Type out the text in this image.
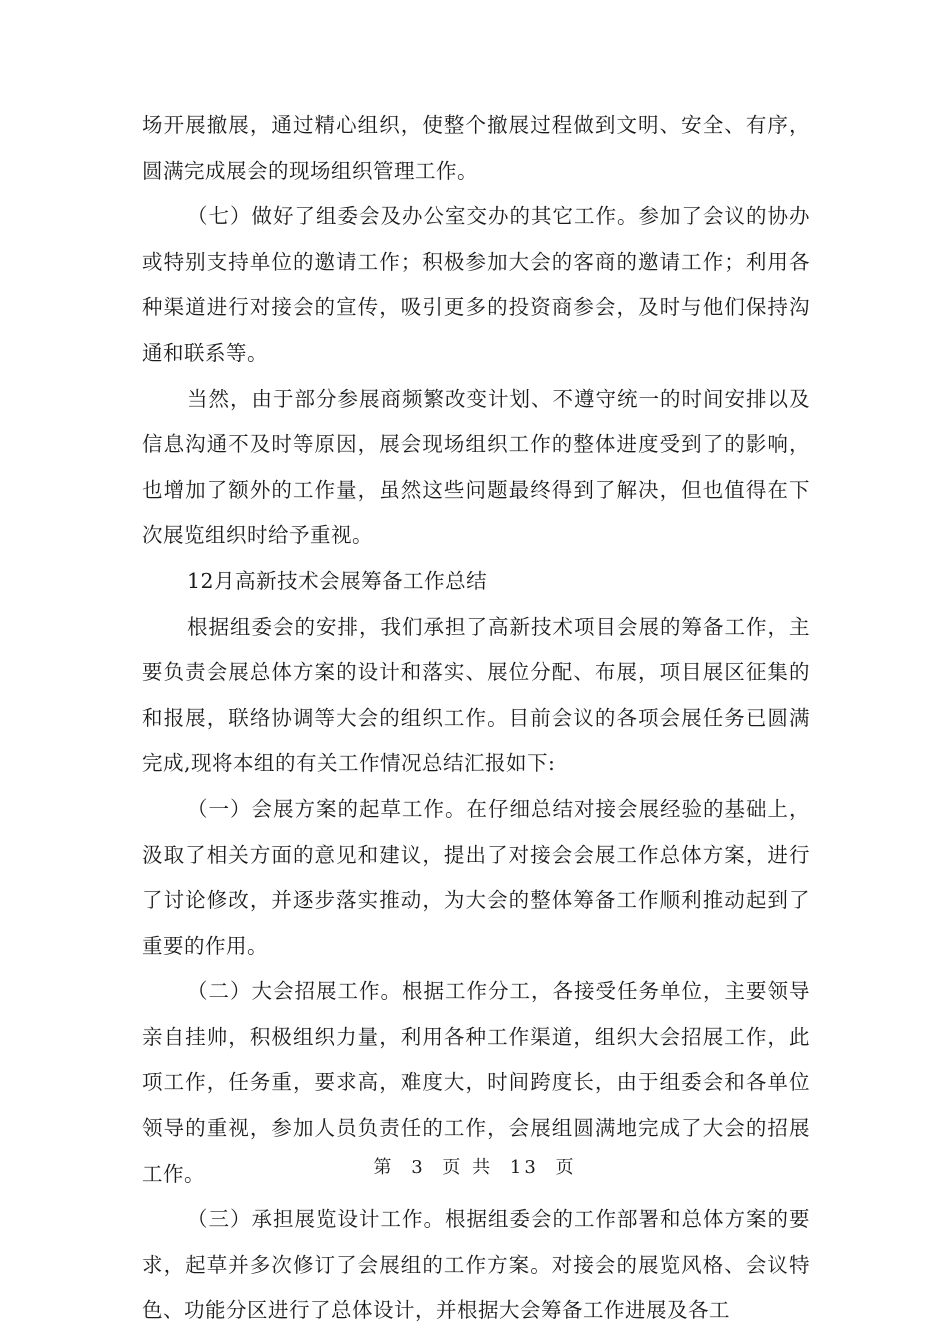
场开展撤展，通过精心组织，使整个撤展过程做到文明、安全、有序，圆满完成展会的现场组织管理工作。

（七）做好了组委会及办公室交办的其它工作。参加了会议的协办或特别支持单位的邀请工作；积极参加大会的客商的邀请工作；利用各种渠道进行对接会的宣传，吸引更多的投资商参会，及时与他们保持沟通和联系等。

当然，由于部分参展商频繁改变计划、不遵守统一的时间安排以及信息沟通不及时等原因，展会现场组织工作的整体进度受到了的影响，也增加了额外的工作量，虽然这些问题最终得到了解决，但也值得在下次展览组织时给予重视。

12月高新技术会展筹备工作总结

根据组委会的安排，我们承担了高新技术项目会展的筹备工作，主要负责会展总体方案的设计和落实、展位分配、布展，项目展区征集的和报展，联络协调等大会的组织工作。目前会议的各项会展任务已圆满完成,现将本组的有关工作情况总结汇报如下:

（一）会展方案的起草工作。在仔细总结对接会展经验的基础上，汲取了相关方面的意见和建议，提出了对接会会展工作总体方案，进行了讨论修改，并逐步落实推动，为大会的整体筹备工作顺利推动起到了重要的作用。

（二）大会招展工作。根据工作分工，各接受任务单位，主要领导亲自挂帅，积极组织力量，利用各种工作渠道，组织大会招展工作，此项工作，任务重，要求高，难度大，时间跨度长，由于组委会和各单位领导的重视，参加人员负责任的工作，会展组圆满地完成了大会的招展工作。

（三）承担展览设计工作。根据组委会的工作部署和总体方案的要求，起草并多次修订了会展组的工作方案。对接会的展览风格、会议特色、功能分区进行了总体设计，并根据大会筹备工作进展及各工

第 3 页 共 13 页
